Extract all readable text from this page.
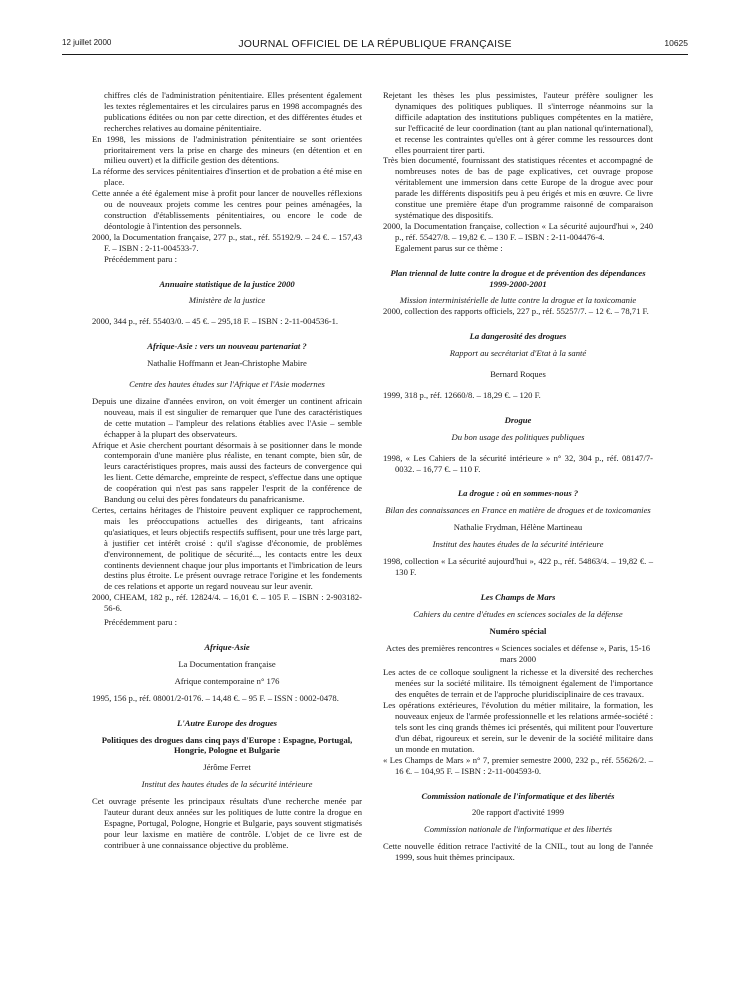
12 juillet 2000	JOURNAL OFFICIEL DE LA RÉPUBLIQUE FRANÇAISE	10625

chiffres clés de l'administration pénitentiaire. Elles présentent également les textes réglementaires et les circulaires parus en 1998 accompagnés des publications éditées ou non par cette direction, et des différentes études et recherches relatives au domaine pénitentiaire.

En 1998, les missions de l'administration pénitentiaire se sont orientées prioritairement vers la prise en charge des mineurs (en détention et en milieu ouvert) et la difficile gestion des détentions.

La réforme des services pénitentiaires d'insertion et de probation a été mise en place.

Cette année a été également mise à profit pour lancer de nouvelles réflexions ou de nouveaux projets comme les centres pour peines aménagées, la construction d'établissements pénitentiaires, ou encore le code de déontologie à l'intention des personnels.

2000, la Documentation française, 277 p., stat., réf. 55192/9. – 24 €. – 157,43 F. – ISBN : 2-11-004533-7.

Précédemment paru :

Annuaire statistique de la justice 2000

Ministère de la justice

2000, 344 p., réf. 55403/0. – 45 €. – 295,18 F. – ISBN : 2-11-004536-1.

Afrique-Asie : vers un nouveau partenariat ?

Nathalie Hoffmann et Jean-Christophe Mabire

Centre des hautes études sur l'Afrique et l'Asie modernes

Depuis une dizaine d'années environ, on voit émerger un continent africain nouveau, mais il est singulier de remarquer que l'une des caractéristiques de cette mutation – l'ampleur des relations établies avec l'Asie – semble échapper à la plupart des observateurs.

Afrique et Asie cherchent pourtant désormais à se positionner dans le monde contemporain d'une manière plus réaliste, en tenant compte, bien sûr, de leurs caractéristiques propres, mais aussi des facteurs de convergence qui les lient. Cette démarche, empreinte de respect, s'effectue dans une optique de coopération qui n'est pas sans rappeler l'esprit de la conférence de Bandung ou celui des pères fondateurs du panafricanisme.

Certes, certains héritages de l'histoire peuvent expliquer ce rapprochement, mais les préoccupations actuelles des dirigeants, tant africains qu'asiatiques, et leurs objectifs respectifs suffisent, pour une très large part, à justifier cet intérêt croisé : qu'il s'agisse d'économie, de problèmes d'environnement, de politique de sécurité..., les contacts entre les deux continents deviennent chaque jour plus importants et l'imbrication de leurs destins plus étroite. Le présent ouvrage retrace l'origine et les fondements de ces relations et apporte un regard nouveau sur leur avenir.

2000, CHEAM, 182 p., réf. 12824/4. – 16,01 €. – 105 F. – ISBN : 2-903182-56-6.

Précédemment paru :

Afrique-Asie

La Documentation française

Afrique contemporaine n° 176

1995, 156 p., réf. 08001/2-0176. – 14,48 €. – 95 F. – ISSN : 0002-0478.

L'Autre Europe des drogues

Politiques des drogues dans cinq pays d'Europe : Espagne, Portugal, Hongrie, Pologne et Bulgarie

Jérôme Ferret

Institut des hautes études de la sécurité intérieure

Cet ouvrage présente les principaux résultats d'une recherche menée par l'auteur durant deux années sur les politiques de lutte contre la drogue en Espagne, Portugal, Pologne, Hongrie et Bulgarie, pays souvent stigmatisés pour leur laxisme en matière de contrôle. L'objet de ce livre est de contribuer à une connaissance objective du problème.

Rejetant les thèses les plus pessimistes, l'auteur préfère souligner les dynamiques des politiques publiques. Il s'interroge néanmoins sur la difficile adaptation des institutions publiques compétentes en la matière, sur l'efficacité de leur coordination (tant au plan national qu'international), et recense les contraintes qu'elles ont à gérer comme les ressources dont elles pourraient tirer parti.

Très bien documenté, fournissant des statistiques récentes et accompagné de nombreuses notes de bas de page explicatives, cet ouvrage propose véritablement une immersion dans cette Europe de la drogue avec pour parade les différents dispositifs peu à peu érigés et mis en œuvre. Ce livre constitue une première étape d'un programme raisonné de comparaison systématique des dispositifs.

2000, la Documentation française, collection « La sécurité aujourd'hui », 240 p., réf. 55427/8. – 19,82 €. – 130 F. – ISBN : 2-11-004476-4.

Egalement parus sur ce thème :

Plan triennal de lutte contre la drogue et de prévention des dépendances 1999-2000-2001

Mission interministérielle de lutte contre la drogue et la toxicomanie

2000, collection des rapports officiels, 227 p., réf. 55257/7. – 12 €. – 78,71 F.

La dangerosité des drogues

Rapport au secrétariat d'Etat à la santé

Bernard Roques

1999, 318 p., réf. 12660/8. – 18,29 €. – 120 F.

Drogue

Du bon usage des politiques publiques

1998, « Les Cahiers de la sécurité intérieure » n° 32, 304 p., réf. 08147/7-0032. – 16,77 €. – 110 F.

La drogue : où en sommes-nous ?

Bilan des connaissances en France en matière de drogues et de toxicomanies

Nathalie Frydman, Hélène Martineau

Institut des hautes études de la sécurité intérieure

1998, collection « La sécurité aujourd'hui », 422 p., réf. 54863/4. – 19,82 €. – 130 F.

Les Champs de Mars

Cahiers du centre d'études en sciences sociales de la défense

Numéro spécial

Actes des premières rencontres « Sciences sociales et défense », Paris, 15-16 mars 2000

Les actes de ce colloque soulignent la richesse et la diversité des recherches menées sur la société militaire. Ils témoignent également de l'importance des enquêtes de terrain et de l'approche pluridisciplinaire de ces travaux.

Les opérations extérieures, l'évolution du métier militaire, la formation, les nouveaux enjeux de l'armée professionnelle et les relations armée-société : tels sont les cinq grands thèmes ici présentés, qui militent pour l'ouverture d'un débat, rigoureux et serein, sur le devenir de la société militaire dans un monde en mutation.

« Les Champs de Mars » n° 7, premier semestre 2000, 232 p., réf. 55626/2. – 16 €. – 104,95 F. – ISBN : 2-11-004593-0.

Commission nationale de l'informatique et des libertés

20e rapport d'activité 1999

Commission nationale de l'informatique et des libertés

Cette nouvelle édition retrace l'activité de la CNIL, tout au long de l'année 1999, sous huit thèmes principaux.
